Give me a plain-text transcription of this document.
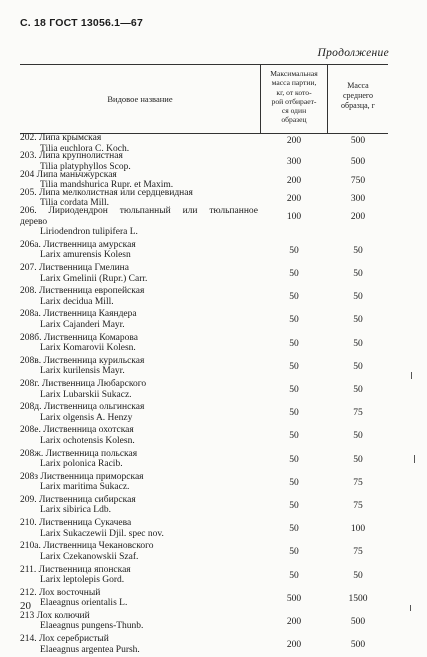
С. 18 ГОСТ 13056.1—67
Продолжение
Видовое название
Максимальная
масса партии,
кг, от кото-
рой отбирает-
ся один
образец
Масса
среднего
образца, г
202. Липа крымская
Tilia euchlora C. Koch.
200	500
203. Липа крупнолистная
Tilia platyphyllos Scop.	300	500
204 Липа маньчжурская
Tilia mandshurica Rupr. et Maxim.	200	750
205. Липа мелколистная или сердцевидная
Tilia cordata Mill.	200	300
206. Лириодендрон тюльпанный или тюльпанное
дерево
Liriodendron tulipifera L.
100	200
206а. Лиственница амурская
Larix amurensis Kolesn	50	50
207. Лиственница Гмелина
Larix Gmelinii (Rupr.) Carr.	50	50
208. Лиственница европейская
Larix decidua Mill.	50	50
208а. Лиственница Каяндера
Larix Cajanderi Mayr.	50	50
208б. Лиственница Комарова
Larix Komarovii Kolesn.	50	50
208в. Лиственница курильская
Larix kurilensis Mayr.	50	50
208г. Лиственница Любарского
Larix Lubarskii Sukacz.	50	50
208д. Лиственница ольгинская
Larix olgensis A. Henzy	50	75
208е. Лиственница охотская
Larix ochotensis Kolesn.	50	50
208ж. Лиственница польская
Larix polonica Racib.	50	50
208з Лиственница приморская
Larix maritima Sukacz.	50	75
209. Лиственница сибирская
Larix sibirica Ldb.	50	75
210. Лиственница Сукачева
Larix Sukaczewii Djil. spec nov.	50	100
210а. Лиственница Чекановского
Larix Czekanowskii Szaf.	50	75
211. Лиственница японская
Larix leptolepis Gord.	50	50
212. Лох восточный
Elaeagnus orientalis L.	500	1500
213 Лох колючий
Elaeagnus pungens-Thunb.	200	500
214. Лох серебристый
Elaeagnus argentea Pursh.	200	500
20
